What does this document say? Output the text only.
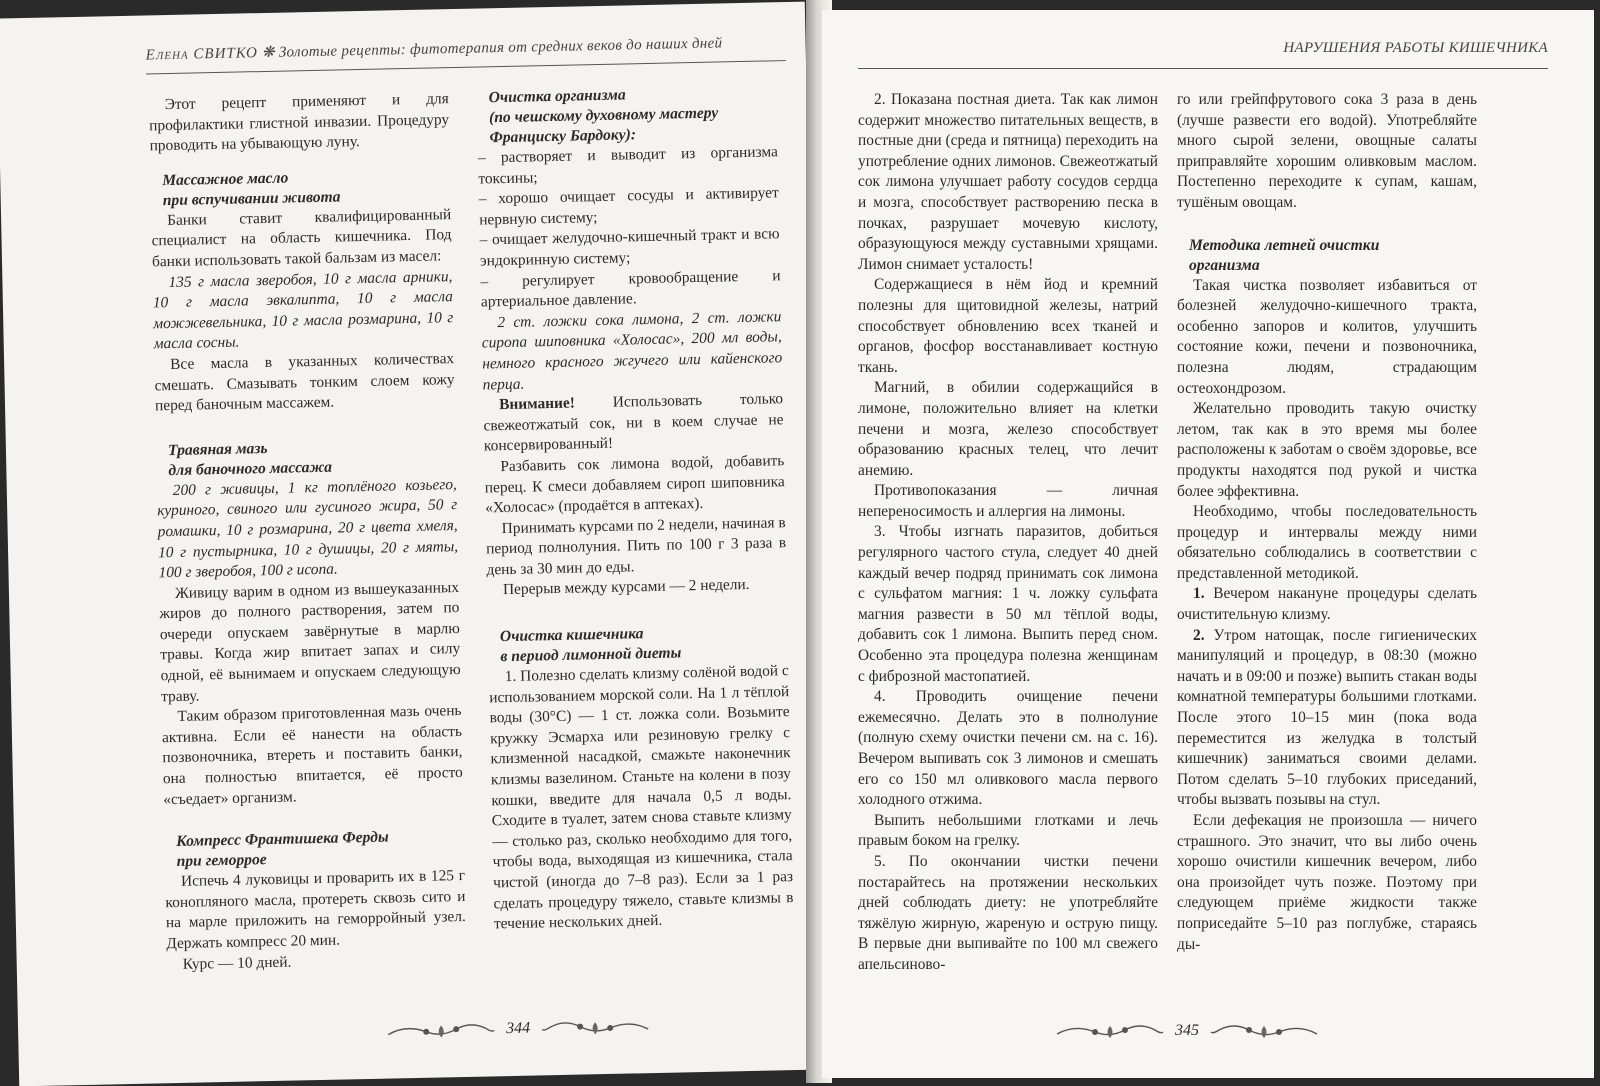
Елена СВИТКО ❋ Золотые рецепты: фитотерапия от средних веков до наших дней

Этот рецепт применяют и для профилактики глистной инвазии. Процедуру проводить на убывающую луну.

Массажное масло
при вспучивании живота

Банки ставит квалифицированный специалист на область кишечника. Под банки использовать такой бальзам из масел:

135 г масла зверобоя, 10 г масла арники, 10 г масла эвкалипта, 10 г масла можжевельника, 10 г масла розмарина, 10 г масла сосны.

Все масла в указанных количествах смешать. Смазывать тонким слоем кожу перед баночным массажем.

Травяная мазь
для баночного массажа

200 г живицы, 1 кг топлёного козьего, куриного, свиного или гусиного жира, 50 г ромашки, 10 г розмарина, 20 г цвета хмеля, 10 г пустырника, 10 г душицы, 20 г мяты, 100 г зверобоя, 100 г исопа.

Живицу варим в одном из вышеуказанных жиров до полного растворения, затем по очереди опускаем завёрнутые в марлю травы. Когда жир впитает запах и силу одной, её вынимаем и опускаем следующую траву.

Таким образом приготовленная мазь очень активна. Если её нанести на область позвоночника, втереть и поставить банки, она полностью впитается, её просто «съедает» организм.

Компресс Франтишека Ферды
при геморрое

Испечь 4 луковицы и проварить их в 125 г конопляного масла, протереть сквозь сито и на марле приложить на геморройный узел. Держать компресс 20 мин.

Курс — 10 дней.

Очистка организма
(по чешскому духовному мастеру
Франциску Бардоку):

– растворяет и выводит из организма токсины;

– хорошо очищает сосуды и активирует нервную систему;

– очищает желудочно-кишечный тракт и всю эндокринную систему;

– регулирует кровообращение и артериальное давление.

2 ст. ложки сока лимона, 2 ст. ложки сиропа шиповника «Холосас», 200 мл воды, немного красного жгучего или кайенского перца.

Внимание! Использовать только свежеотжатый сок, ни в коем случае не консервированный!

Разбавить сок лимона водой, добавить перец. К смеси добавляем сироп шиповника «Холосас» (продаётся в аптеках).

Принимать курсами по 2 недели, начиная в период полнолуния. Пить по 100 г 3 раза в день за 30 мин до еды.

Перерыв между курсами — 2 недели.

Очистка кишечника
в период лимонной диеты

1. Полезно сделать клизму солёной водой с использованием морской соли. На 1 л тёплой воды (30°С) — 1 ст. ложка соли. Возьмите кружку Эсмарха или резиновую грелку с клизменной насадкой, смажьте наконечник клизмы вазелином. Станьте на колени в позу кошки, введите для начала 0,5 л воды. Сходите в туалет, затем снова ставьте клизму — столько раз, сколько необходимо для того, чтобы вода, выходящая из кишечника, стала чистой (иногда до 7–8 раз). Если за 1 раз сделать процедуру тяжело, ставьте клизмы в течение нескольких дней.

344
НАРУШЕНИЯ РАБОТЫ КИШЕЧНИКА

2. Показана постная диета. Так как лимон содержит множество питательных веществ, в постные дни (среда и пятница) переходить на употребление одних лимонов. Свежеотжатый сок лимона улучшает работу сосудов сердца и мозга, способствует растворению песка в почках, разрушает мочевую кислоту, образующуюся между суставными хрящами. Лимон снимает усталость!

Содержащиеся в нём йод и кремний полезны для щитовидной железы, натрий способствует обновлению всех тканей и органов, фосфор восстанавливает костную ткань.

Магний, в обилии содержащийся в лимоне, положительно влияет на клетки печени и мозга, железо способствует образованию красных телец, что лечит анемию.

Противопоказания — личная непереносимость и аллергия на лимоны.

3. Чтобы изгнать паразитов, добиться регулярного частого стула, следует 40 дней каждый вечер подряд принимать сок лимона с сульфатом магния: 1 ч. ложку сульфата магния развести в 50 мл тёплой воды, добавить сок 1 лимона. Выпить перед сном. Особенно эта процедура полезна женщинам с фиброзной мастопатией.

4. Проводить очищение печени ежемесячно. Делать это в полнолуние (полную схему очистки печени см. на с. 16). Вечером выпивать сок 3 лимонов и смешать его со 150 мл оливкового масла первого холодного отжима.

Выпить небольшими глотками и лечь правым боком на грелку.

5. По окончании чистки печени постарайтесь на протяжении нескольких дней соблюдать диету: не употребляйте тяжёлую жирную, жареную и острую пищу. В первые дни выпивайте по 100 мл свежего апельсиново-

го или грейпфрутового сока 3 раза в день (лучше развести его водой). Употребляйте много сырой зелени, овощные салаты приправляйте хорошим оливковым маслом. Постепенно переходите к супам, кашам, тушёным овощам.

Методика летней очистки
организма

Такая чистка позволяет избавиться от болезней желудочно-кишечного тракта, особенно запоров и колитов, улучшить состояние кожи, печени и позвоночника, полезна людям, страдающим остеохондрозом.

Желательно проводить такую очистку летом, так как в это время мы более расположены к заботам о своём здоровье, все продукты находятся под рукой и чистка более эффективна.

Необходимо, чтобы последовательность процедур и интервалы между ними обязательно соблюдались в соответствии с представленной методикой.

1. Вечером накануне процедуры сделать очистительную клизму.

2. Утром натощак, после гигиенических манипуляций и процедур, в 08:30 (можно начать и в 09:00 и позже) выпить стакан воды комнатной температуры большими глотками. После этого 10–15 мин (пока вода переместится из желудка в толстый кишечник) заниматься своими делами. Потом сделать 5–10 глубоких приседаний, чтобы вызвать позывы на стул.

Если дефекация не произошла — ничего страшного. Это значит, что вы либо очень хорошо очистили кишечник вечером, либо она произойдет чуть позже. Поэтому при следующем приёме жидкости также поприседайте 5–10 раз поглубже, стараясь ды-

345
